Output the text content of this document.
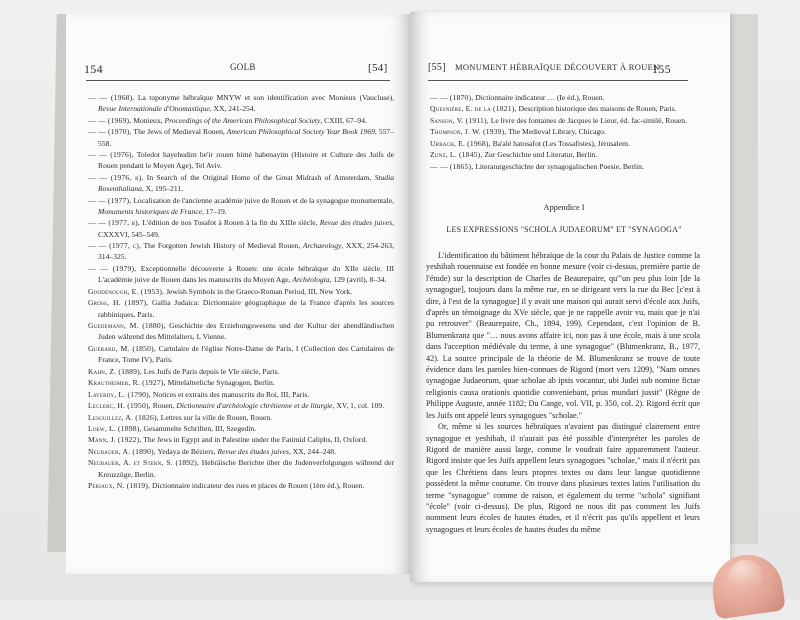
154	GOLB	[54]	[55] MONUMENT HÉBRAÏQUE DÉCOUVERT À ROUEN
155
— — (1968), La toponyme hébraïque MNYW et son identification avec Monieux (Vaucluse), Revue Internationale d'Onomastique, XX, 241-254.
— — (1969), Monieux, Proceedings of the American Philosophical Society, CXIII, 67–94.
— — (1970), The Jews of Medieval Rouen, American Philosophical Society Year Book 1969, 557–558.
— — (1976), Toledot hayehudim be'ir rouen bimé habenayim (Histoire et Culture des Juifs de Rouen pendant le Moyen Age), Tel Aviv.
— — (1976, b), In Search of the Original Home of the Great Midrash of Amsterdam, Studia Rosenthaliana, X, 195–211.
— — (1977), Localisation de l'ancienne académie juive de Rouen et de la synagogue monumentale, Monuments historiques de France, 17–19.
— — (1977, b), L'édition de nos Tosafot à Rouen à la fin du XIIIe siècle, Revue des études juives, CXXXVI, 545–549.
— — (1977, c), The Forgotten Jewish History of Medieval Rouen, Archaeology, XXX, 254-263, 314–325.
— — (1979), Exceptionnelle découverte à Rouen: une école hébraïque du XIIe siècle. III L'académie juive de Rouen dans les manuscrits du Moyen Age, Archéologia, 129 (avril), 8–34.
Goodenough, E. (1953), Jewish Symbols in the Graeco-Roman Period, III, New York.
Gross, H. (1897), Gallia Judaica: Dictionnaire géographique de la France d'après les sources rabbiniques, Paris.
Guedemann, M. (1880), Geschichte des Erziehungswesens und der Kultur der abendländischen Juden während des Mittelalters, I, Vienne.
Guérard, M. (1850), Cartulaire de l'église Notre-Dame de Paris, I (Collection des Cartulaires de France, Tome IV), Paris.
Kahn, Z. (1889), Les Juifs de Paris depuis le VIe siècle, Paris.
Krautheimer, R. (1927), Mittelalterliche Synagogen, Berlin.
Laverdy, L. (1790), Notices et extraits des manuscrits du Roi, III, Paris.
Leclerc, H. (1950), Rouen, Dictionnaire d'archéologie chrétienne et de liturgie, XV, 1, col. 109.
Lesguillez, A. (1826), Lettres sur la ville de Rouen, Rouen.
Loew, L. (1898), Gesammelte Schriften, III, Szegedin.
Mann, J. (1922), The Jews in Egypt and in Palestine under the Fatimid Caliphs, II, Oxford.
Neubauer, A. (1890), Yedaya de Béziers, Revue des études juives, XX, 244–248.
Neubauer, A. et Stern, S. (1892), Hebräische Berichte über die Judenverfolgungen während der Kreuzzüge, Berlin.
Periaux, N. (1819), Dictionnaire indicateur des rues et places de Rouen (1ère éd.), Rouen.
— — (1870), Dictionnaire indicateur … (Ie éd.), Rouen.
Quesnière, E. de la (1821), Description historique des maisons de Rouen, Paris.
Sanson, V. (1911), Le livre des fontaines de Jacques le Lieur, éd. fac-similé, Rouen.
Thompson, J. W. (1939), The Medieval Library, Chicago.
Urbach, E. (1968), Ba'alé hatosafot (Les Tossafistes), Jérusalem.
Zunz, L. (1845), Zur Geschichte und Literatur, Berlin.
— — (1865), Literaturgeschichte der synagogalischen Poesie, Berlin.
Appendice I
LES EXPRESSIONS "SCHOLA JUDAEORUM" ET "SYNAGOGA"

L'identification du bâtiment hébraïque de la cour du Palais de Justice comme la yeshibah rouennaise est fondée en bonne mesure (voir ci-dessus, première partie de l'étude) sur la description de Charles de Beaurepaire, qu'"un peu plus loin [de la synagogue], toujours dans la même rue, en se dirigeant vers la rue du Bec [c'est à dire, à l'est de la synagogue] il y avait une maison qui aurait servi d'école aux Juifs, d'après un témoignage du XVe siècle, que je ne rappelle avoir vu, mais que je n'ai pu retrouver" (Beaurepaire, Ch., 1894, 199). Cependant, c'est l'opinion de B. Blumenkranz que "… nous avons affaire ici, non pas à une école, mais à une scola dans l'acception médiévale du terme, à une synagogue" (Blumenkranz, B., 1977, 42). La source principale de la théorie de M. Blumenkranz se trouve de toute évidence dans les paroles bien-connues de Rigord (mort vers 1209), "Nam omnes synagogae Judaeorum, quae scholae ab ipsis vocantur, ubi Judei sub nomine fictae religionis causa orationis quotidie conveniebant, prius mundari jussit" (Règne de Philippe Auguste, année 1182; Du Cange, vol. VII, p. 350, col. 2). Rigord écrit que les Juifs ont appelé leurs synagogues "scholae."

Or, même si les sources hébraïques n'avaient pas distingué clairement entre synagogue et yeshibah, il n'aurait pas été possible d'interpréter les paroles de Rigord de manière aussi large, comme le voudrait faire apparemment l'auteur. Rigord insiste que les Juifs appellent leurs synagogues "scholae," mais il n'écrit pas que les Chrétiens dans leurs propres textes ou dans leur langue quotidienne possèdent la même coutume. On trouve dans plusieurs textes latins l'utilisation du terme "synagogue" comme de raison, et également du terme "schola" signifiant "école" (voir ci-dessus). De plus, Rigord ne nous dit pas comment les Juifs nomment leurs écoles de hautes études, et il n'écrit pas qu'ils appellent et leurs synagogues et leurs écoles de hautes études du même
